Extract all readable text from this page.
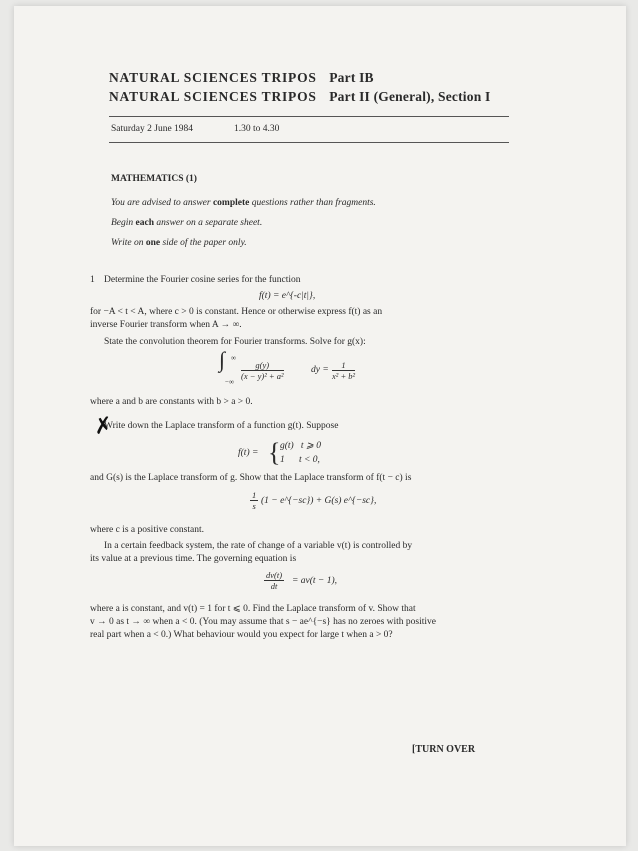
NATURAL SCIENCES TRIPOS Part IB
NATURAL SCIENCES TRIPOS Part II (General), Section I
Saturday 2 June 1984	1.30 to 4.30
MATHEMATICS (1)
You are advised to answer complete questions rather than fragments.
Begin each answer on a separate sheet.
Write on one side of the paper only.
1 Determine the Fourier cosine series for the function
f(t) = e^{-c|t|},
for −A < t < A, where c > 0 is constant. Hence or otherwise express f(t) as an
inverse Fourier transform when A → ∞.
State the convolution theorem for Fourier transforms. Solve for g(x):
∫ ∞
−∞
$\frac{g(y)}{\text{(x − y)² + a²}}$	dy = $\frac{1}{\text{x² + b²}}$
where a and b are constants with b > a > 0.
✗
Write down the Laplace transform of a function g(t). Suppose
f(t) = { g(t)   t ⩾ 0
1      t < 0,
and G(s) is the Laplace transform of g. Show that the Laplace transform of f(t − c) is
$\frac{1}{s} (1$ − e^{−sc}) + G(s) e^{−sc},
where c is a positive constant.
In a certain feedback system, the rate of change of a variable v(t) is controlled by
its value at a previous time. The governing equation is
$\frac{dv(t)}{dt} = av(t - 1)$,
where a is constant, and v(t) = 1 for t ⩽ 0. Find the Laplace transform of v. Show that
v → 0 as t → ∞ when a < 0. (You may assume that s − ae^{−s} has no zeroes with positive
real part when a < 0.) What behaviour would you expect for large t when a > 0?
[TURN OVER
